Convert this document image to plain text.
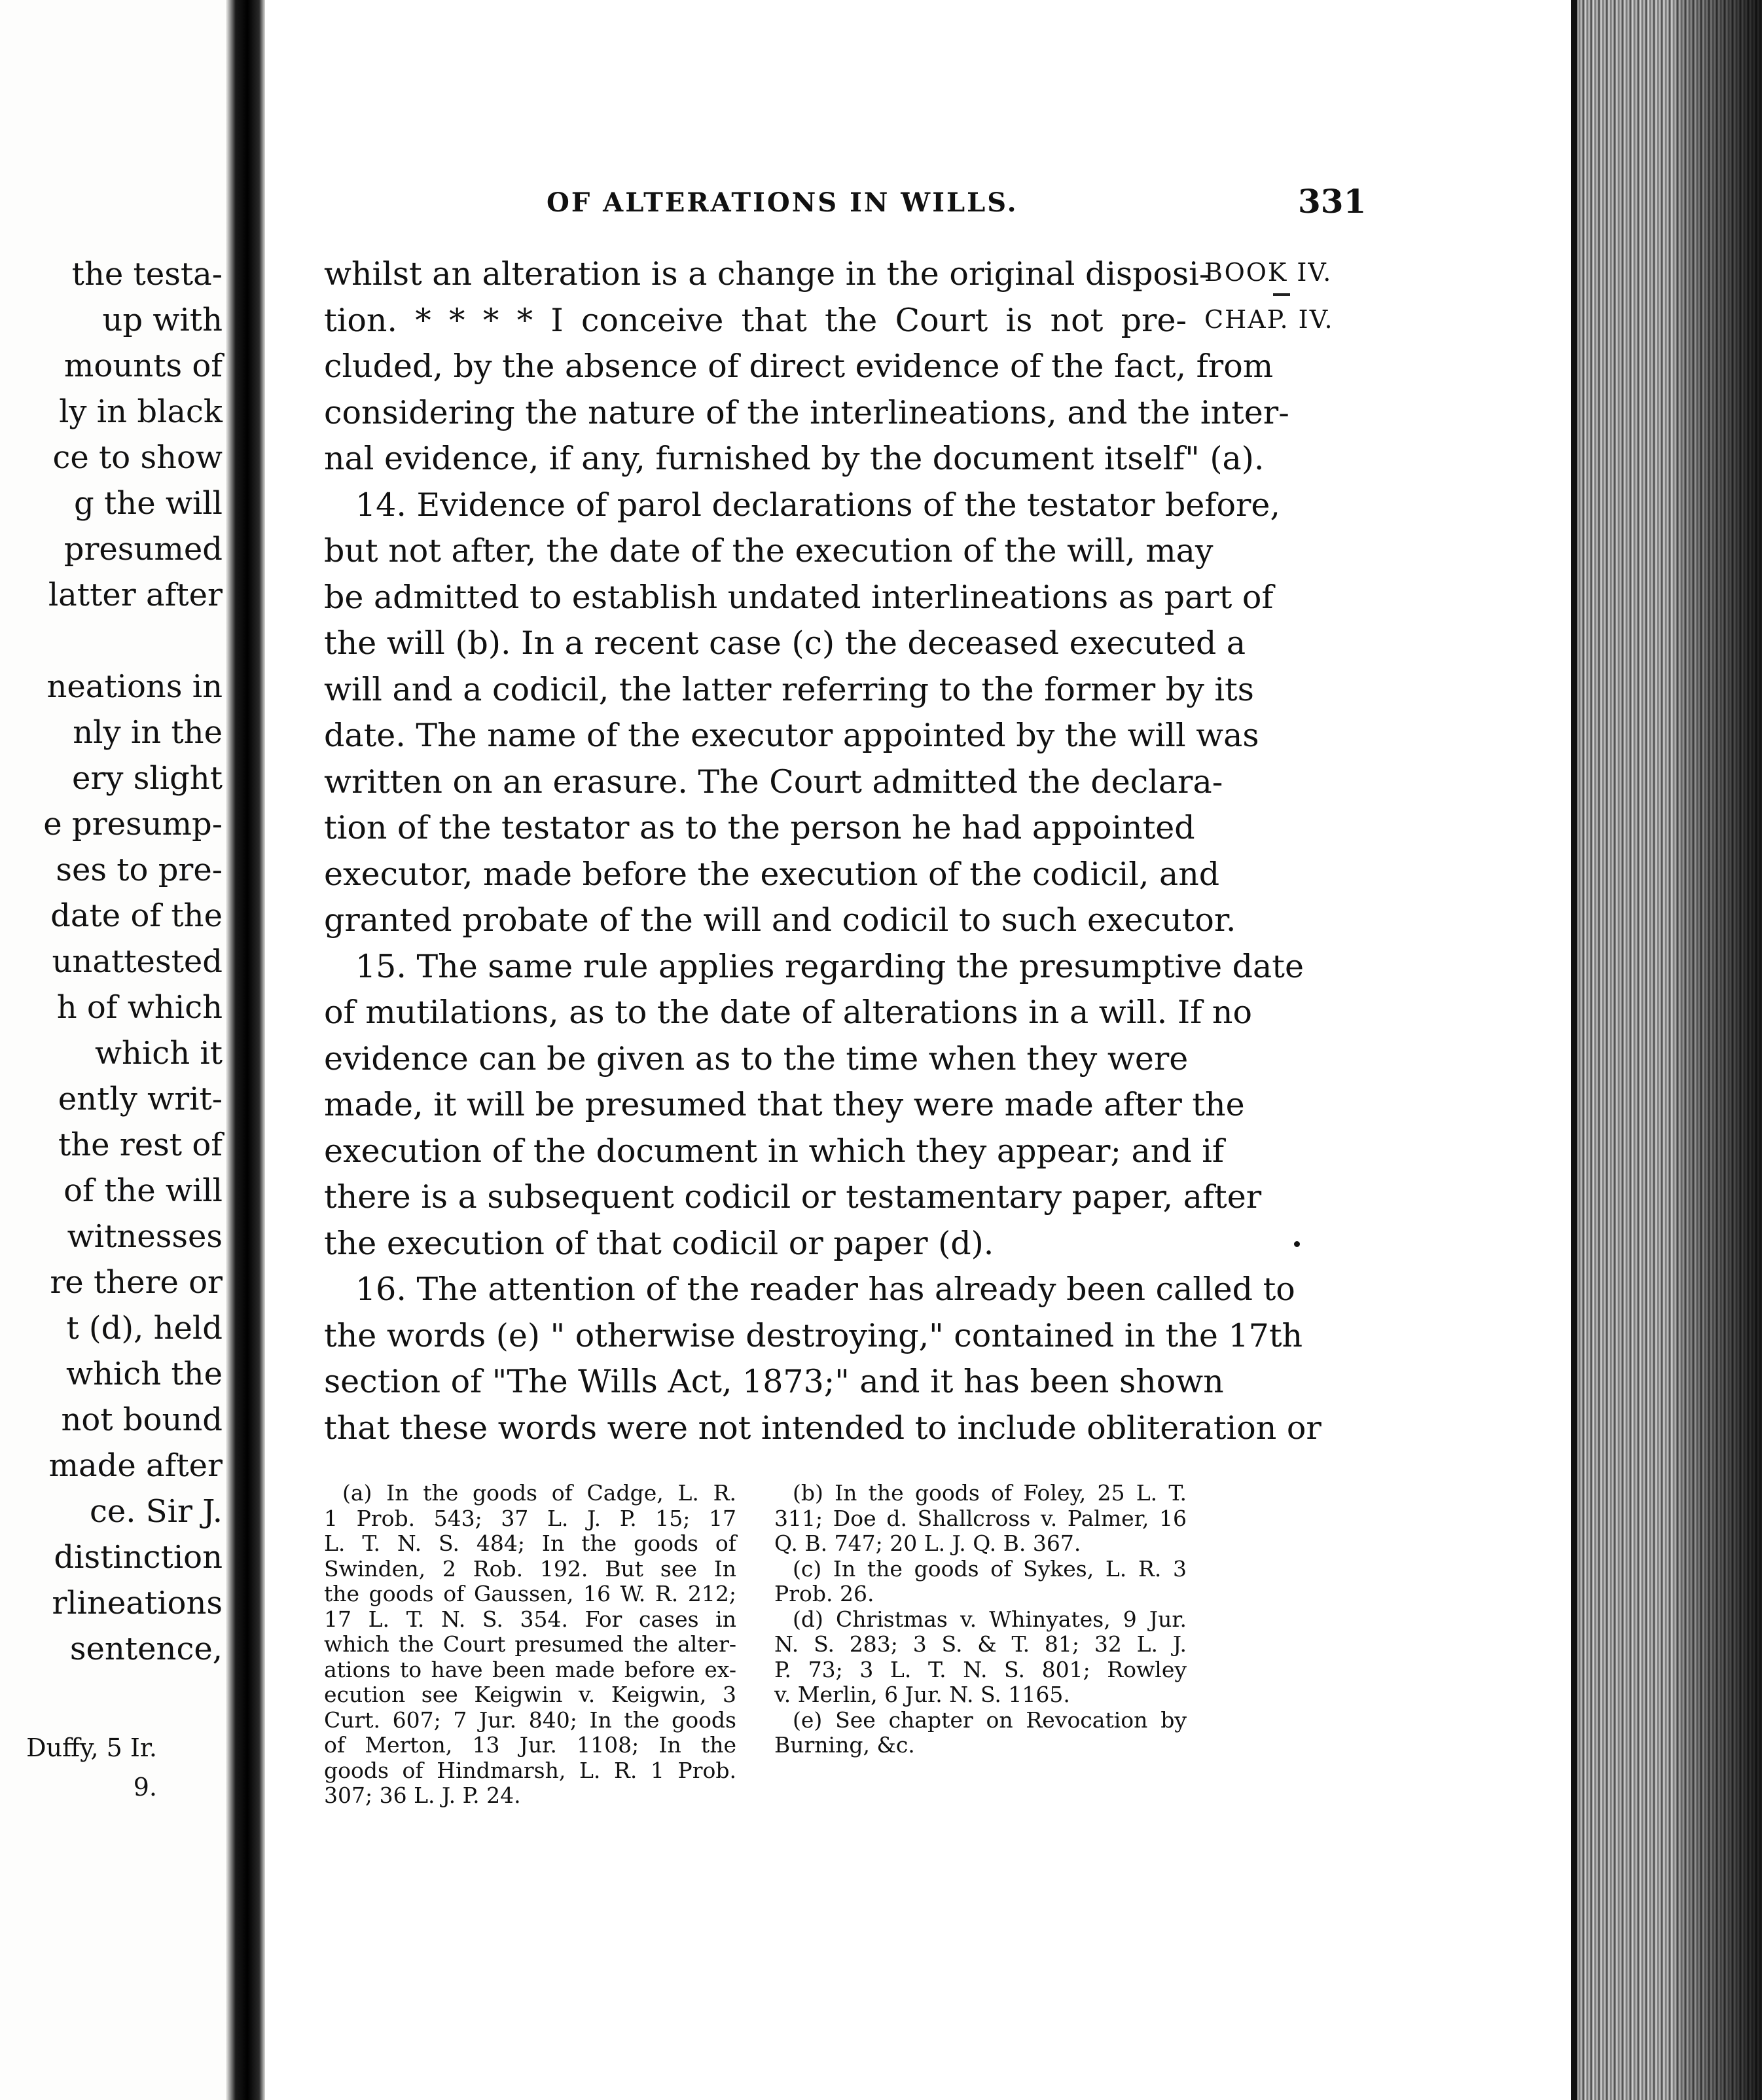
the testa-
up with
mounts of
ly in black
ce to show
g the will
presumed
latter after
neations in
nly in the
ery slight
e presump-
ses to pre-
date of the
unattested
h of which
which it
ently writ-
the rest of
of the will
witnesses
re there or
t (d), held
which the
not bound
made after
ce. Sir J.
distinction
rlineations
sentence,
Duffy, 5 Ir.
9.
OF ALTERATIONS IN WILLS.	331
BOOK IV.
CHAP. IV.
whilst an alteration is a change in the original disposi-
tion. * * * * I conceive that the Court is not pre-
cluded, by the absence of direct evidence of the fact, from
considering the nature of the interlineations, and the inter-
nal evidence, if any, furnished by the document itself" (a).
14. Evidence of parol declarations of the testator before,
but not after, the date of the execution of the will, may
be admitted to establish undated interlineations as part of
the will (b). In a recent case (c) the deceased executed a
will and a codicil, the latter referring to the former by its
date. The name of the executor appointed by the will was
written on an erasure. The Court admitted the declara-
tion of the testator as to the person he had appointed
executor, made before the execution of the codicil, and
granted probate of the will and codicil to such executor.
15. The same rule applies regarding the presumptive date
of mutilations, as to the date of alterations in a will. If no
evidence can be given as to the time when they were
made, it will be presumed that they were made after the
execution of the document in which they appear; and if
there is a subsequent codicil or testamentary paper, after
the execution of that codicil or paper (d).
16. The attention of the reader has already been called to
the words (e) " otherwise destroying," contained in the 17th
section of "The Wills Act, 1873;" and it has been shown
that these words were not intended to include obliteration or
(a) In the goods of Cadge, L. R.
1 Prob. 543; 37 L. J. P. 15; 17
L. T. N. S. 484; In the goods of
Swinden, 2 Rob. 192. But see In
the goods of Gaussen, 16 W. R. 212;
17 L. T. N. S. 354. For cases in
which the Court presumed the alter-
ations to have been made before ex-
ecution see Keigwin v. Keigwin, 3
Curt. 607; 7 Jur. 840; In the goods
of Merton, 13 Jur. 1108; In the
goods of Hindmarsh, L. R. 1 Prob.
307; 36 L. J. P. 24.
(b) In the goods of Foley, 25 L. T.
311; Doe d. Shallcross v. Palmer, 16
Q. B. 747; 20 L. J. Q. B. 367.
(c) In the goods of Sykes, L. R. 3
Prob. 26.
(d) Christmas v. Whinyates, 9 Jur.
N. S. 283; 3 S. & T. 81; 32 L. J.
P. 73; 3 L. T. N. S. 801; Rowley
v. Merlin, 6 Jur. N. S. 1165.
(e) See chapter on Revocation by
Burning, &c.
